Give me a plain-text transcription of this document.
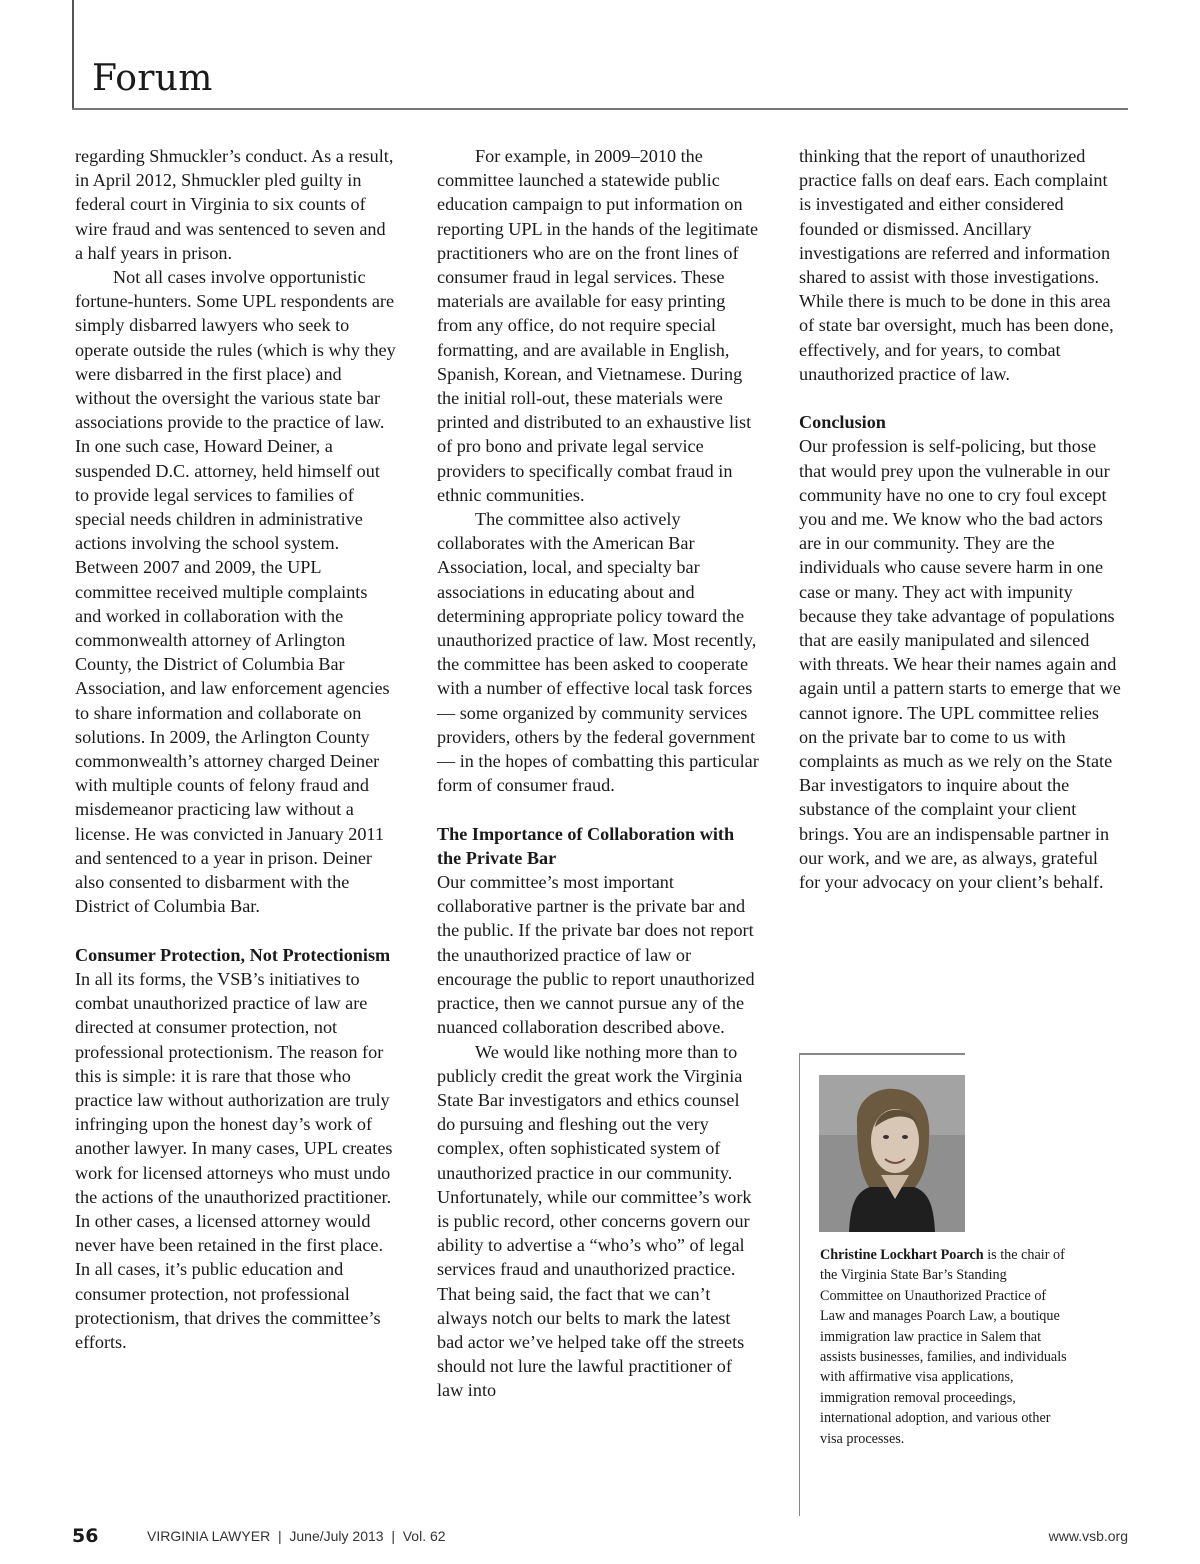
Forum

regarding Shmuckler’s conduct. As a result, in April 2012, Shmuckler pled guilty in federal court in Virginia to six counts of wire fraud and was sentenced to seven and a half years in prison.

Not all cases involve opportunistic fortune-hunters. Some UPL respondents are simply disbarred lawyers who seek to operate outside the rules (which is why they were disbarred in the first place) and without the oversight the various state bar associations provide to the practice of law. In one such case, Howard Deiner, a suspended D.C. attorney, held himself out to provide legal services to families of special needs children in administrative actions involving the school system. Between 2007 and 2009, the UPL committee received multiple complaints and worked in collaboration with the commonwealth attorney of Arlington County, the District of Columbia Bar Association, and law enforcement agencies to share information and collaborate on solutions. In 2009, the Arlington County commonwealth’s attorney charged Deiner with multiple counts of felony fraud and misdemeanor practicing law without a license. He was convicted in January 2011 and sentenced to a year in prison. Deiner also consented to disbarment with the District of Columbia Bar.

Consumer Protection, Not Protectionism

In all its forms, the VSB’s initiatives to combat unauthorized practice of law are directed at consumer protection, not professional protectionism. The reason for this is simple: it is rare that those who practice law without authorization are truly infringing upon the honest day’s work of another lawyer. In many cases, UPL creates work for licensed attorneys who must undo the actions of the unauthorized practitioner. In other cases, a licensed attorney would never have been retained in the first place. In all cases, it’s public education and consumer protection, not professional protectionism, that drives the committee’s efforts.

For example, in 2009–2010 the committee launched a statewide public education campaign to put information on reporting UPL in the hands of the legitimate practitioners who are on the front lines of consumer fraud in legal services. These materials are available for easy printing from any office, do not require special formatting, and are available in English, Spanish, Korean, and Vietnamese. During the initial roll-out, these materials were printed and distributed to an exhaustive list of pro bono and private legal service providers to specifically combat fraud in ethnic communities.

The committee also actively collaborates with the American Bar Association, local, and specialty bar associations in educating about and determining appropriate policy toward the unauthorized practice of law. Most recently, the committee has been asked to cooperate with a number of effective local task forces — some organized by community services providers, others by the federal government — in the hopes of combatting this particular form of consumer fraud.

The Importance of Collaboration with the Private Bar

Our committee’s most important collaborative partner is the private bar and the public. If the private bar does not report the unauthorized practice of law or encourage the public to report unauthorized practice, then we cannot pursue any of the nuanced collaboration described above.

We would like nothing more than to publicly credit the great work the Virginia State Bar investigators and ethics counsel do pursuing and fleshing out the very complex, often sophisticated system of unauthorized practice in our community. Unfortunately, while our committee’s work is public record, other concerns govern our ability to advertise a “who’s who” of legal services fraud and unauthorized practice. That being said, the fact that we can’t always notch our belts to mark the latest bad actor we’ve helped take off the streets should not lure the lawful practitioner of law into

thinking that the report of unauthorized practice falls on deaf ears. Each complaint is investigated and either considered founded or dismissed. Ancillary investigations are referred and information shared to assist with those investigations. While there is much to be done in this area of state bar oversight, much has been done, effectively, and for years, to combat unauthorized practice of law.

Conclusion

Our profession is self-policing, but those that would prey upon the vulnerable in our community have no one to cry foul except you and me. We know who the bad actors are in our community. They are the individuals who cause severe harm in one case or many. They act with impunity because they take advantage of populations that are easily manipulated and silenced with threats. We hear their names again and again until a pattern starts to emerge that we cannot ignore. The UPL committee relies on the private bar to come to us with complaints as much as we rely on the State Bar investigators to inquire about the substance of the complaint your client brings. You are an indispensable partner in our work, and we are, as always, grateful for your advocacy on your client’s behalf.

Christine Lockhart Poarch is the chair of the Virginia State Bar’s Standing Committee on Unauthorized Practice of Law and manages Poarch Law, a boutique immigration law practice in Salem that assists businesses, families, and individuals with affirmative visa applications, immigration removal proceedings, international adoption, and various other visa processes.

56	VIRGINIA LAWYER  |  June/July 2013  |  Vol. 62	www.vsb.org
